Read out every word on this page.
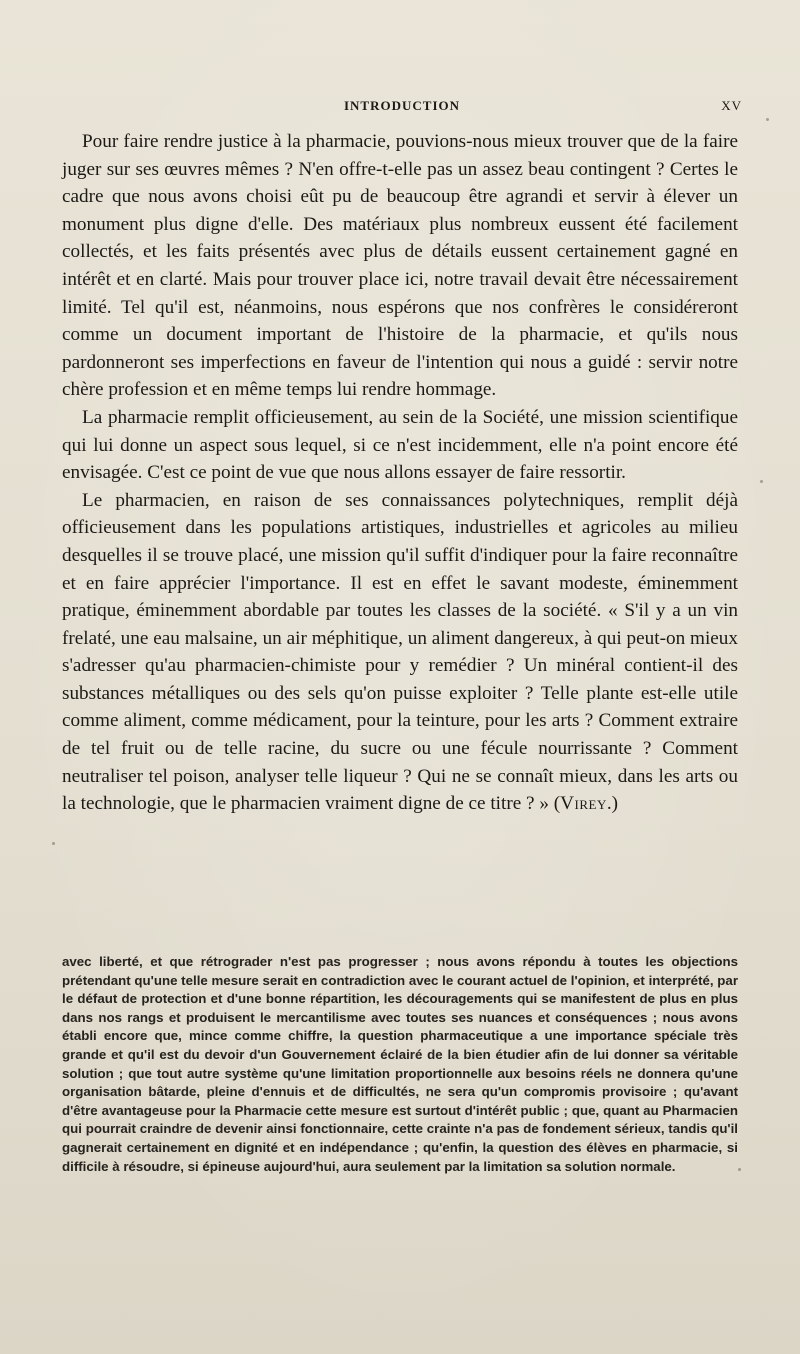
INTRODUCTION	XV

Pour faire rendre justice à la pharmacie, pouvions-nous mieux trouver que de la faire juger sur ses œuvres mêmes ? N'en offre-t-elle pas un assez beau contingent ? Certes le cadre que nous avons choisi eût pu de beaucoup être agrandi et servir à élever un monument plus digne d'elle. Des matériaux plus nombreux eussent été facilement collectés, et les faits présentés avec plus de détails eussent certainement gagné en intérêt et en clarté. Mais pour trouver place ici, notre travail devait être nécessairement limité. Tel qu'il est, néanmoins, nous espérons que nos confrères le considéreront comme un document important de l'histoire de la pharmacie, et qu'ils nous pardonneront ses imperfections en faveur de l'intention qui nous a guidé : servir notre chère profession et en même temps lui rendre hommage.

La pharmacie remplit officieusement, au sein de la Société, une mission scientifique qui lui donne un aspect sous lequel, si ce n'est incidemment, elle n'a point encore été envisagée. C'est ce point de vue que nous allons essayer de faire ressortir.

Le pharmacien, en raison de ses connaissances polytechniques, remplit déjà officieusement dans les populations artistiques, industrielles et agricoles au milieu desquelles il se trouve placé, une mission qu'il suffit d'indiquer pour la faire reconnaître et en faire apprécier l'importance. Il est en effet le savant modeste, éminemment pratique, éminemment abordable par toutes les classes de la société. « S'il y a un vin frelaté, une eau malsaine, un air méphitique, un aliment dangereux, à qui peut-on mieux s'adresser qu'au pharmacien-chimiste pour y remédier ? Un minéral contient-il des substances métalliques ou des sels qu'on puisse exploiter ? Telle plante est-elle utile comme aliment, comme médicament, pour la teinture, pour les arts ? Comment extraire de tel fruit ou de telle racine, du sucre ou une fécule nourrissante ? Comment neutraliser tel poison, analyser telle liqueur ? Qui ne se connaît mieux, dans les arts ou la technologie, que le pharmacien vraiment digne de ce titre ? » (Virey.)

avec liberté, et que rétrograder n'est pas progresser ; nous avons répondu à toutes les objections prétendant qu'une telle mesure serait en contradiction avec le courant actuel de l'opinion, et interprété, par le défaut de protection et d'une bonne répartition, les découragements qui se manifestent de plus en plus dans nos rangs et produisent le mercantilisme avec toutes ses nuances et conséquences ; nous avons établi encore que, mince comme chiffre, la question pharmaceutique a une importance spéciale très grande et qu'il est du devoir d'un Gouvernement éclairé de la bien étudier afin de lui donner sa véritable solution ; que tout autre système qu'une limitation proportionnelle aux besoins réels ne donnera qu'une organisation bâtarde, pleine d'ennuis et de difficultés, ne sera qu'un compromis provisoire ; qu'avant d'être avantageuse pour la Pharmacie cette mesure est surtout d'intérêt public ; que, quant au Pharmacien qui pourrait craindre de devenir ainsi fonctionnaire, cette crainte n'a pas de fondement sérieux, tandis qu'il gagnerait certainement en dignité et en indépendance ; qu'enfin, la question des élèves en pharmacie, si difficile à résoudre, si épineuse aujourd'hui, aura seulement par la limitation sa solution normale.
